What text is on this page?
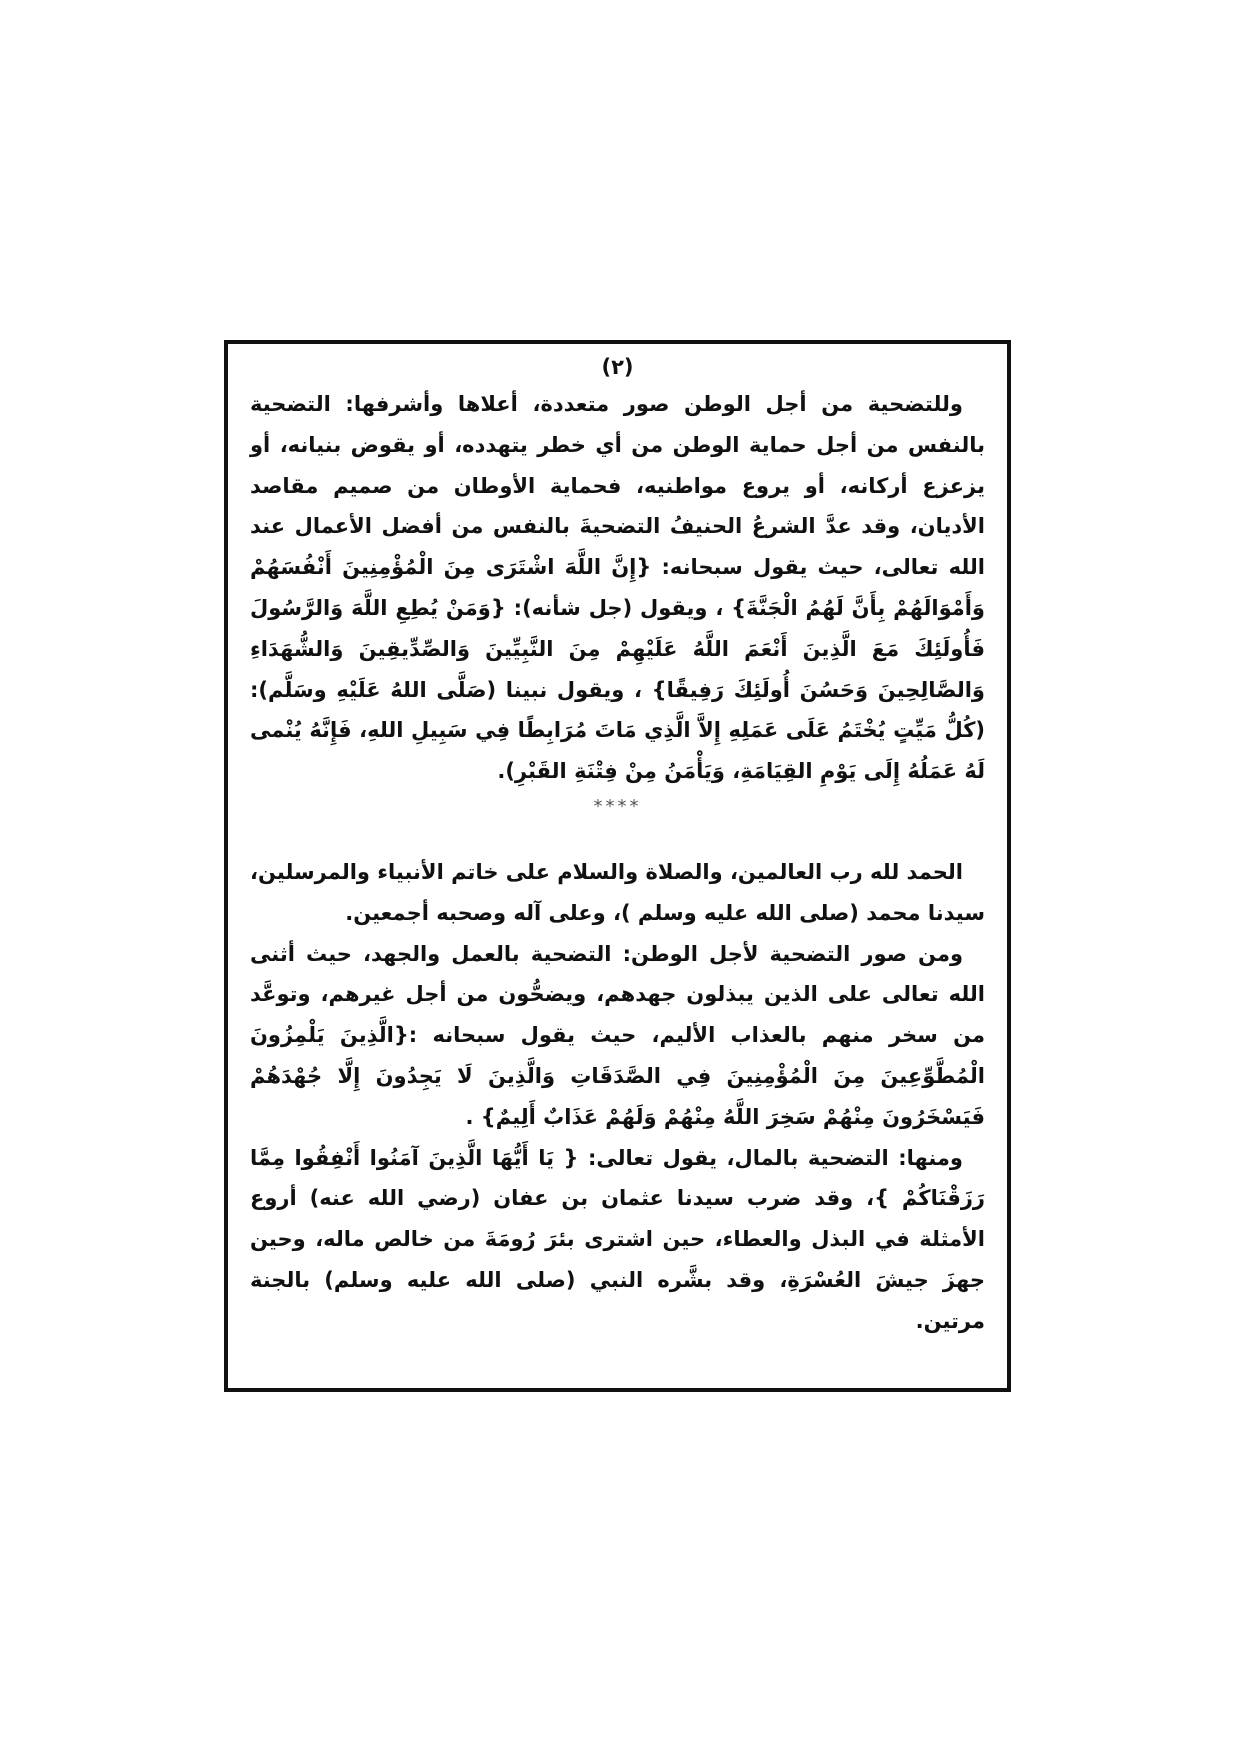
(٢)

وللتضحية من أجل الوطن صور متعددة، أعلاها وأشرفها: التضحية بالنفس من أجل حماية الوطن من أي خطر يتهدده، أو يقوض بنيانه، أو يزعزع أركانه، أو يروع مواطنيه، فحماية الأوطان من صميم مقاصد الأديان، وقد عدَّ الشرعُ الحنيفُ التضحيةَ بالنفس من أفضل الأعمال عند الله تعالى، حيث يقول سبحانه: {إِنَّ اللَّهَ اشْتَرَى مِنَ الْمُؤْمِنِينَ أَنْفُسَهُمْ وَأَمْوَالَهُمْ بِأَنَّ لَهُمُ الْجَنَّةَ} ، ويقول (جل شأنه): {وَمَنْ يُطِعِ اللَّهَ وَالرَّسُولَ فَأُولَئِكَ مَعَ الَّذِينَ أَنْعَمَ اللَّهُ عَلَيْهِمْ مِنَ النَّبِيِّينَ وَالصِّدِّيقِينَ وَالشُّهَدَاءِ وَالصَّالِحِينَ وَحَسُنَ أُولَئِكَ رَفِيقًا} ، ويقول نبينا (صَلَّى اللهُ عَلَيْهِ وسَلَّم): (كُلُّ مَيِّتٍ يُخْتَمُ عَلَى عَمَلِهِ إِلاَّ الَّذِي مَاتَ مُرَابِطًا فِي سَبِيلِ اللهِ، فَإِنَّهُ يُنْمى لَهُ عَمَلُهُ إِلَى يَوْمِ القِيَامَةِ، وَيَأْمَنُ مِنْ فِتْنَةِ القَبْرِ).

****

الحمد لله رب العالمين، والصلاة والسلام على خاتم الأنبياء والمرسلين، سيدنا محمد (صلى الله عليه وسلم )، وعلى آله وصحبه أجمعين.

ومن صور التضحية لأجل الوطن: التضحية بالعمل والجهد، حيث أثنى الله تعالى على الذين يبذلون جهدهم، ويضحُّون من أجل غيرهم، وتوعَّد من سخر منهم بالعذاب الأليم، حيث يقول سبحانه :{الَّذِينَ يَلْمِزُونَ الْمُطَّوِّعِينَ مِنَ الْمُؤْمِنِينَ فِي الصَّدَقَاتِ وَالَّذِينَ لَا يَجِدُونَ إِلَّا جُهْدَهُمْ فَيَسْخَرُونَ مِنْهُمْ سَخِرَ اللَّهُ مِنْهُمْ وَلَهُمْ عَذَابٌ أَلِيمٌ} .

ومنها: التضحية بالمال، يقول تعالى: { يَا أَيُّهَا الَّذِينَ آمَنُوا أَنْفِقُوا مِمَّا رَزَقْنَاكُمْ }، وقد ضرب سيدنا عثمان بن عفان (رضي الله عنه) أروع الأمثلة في البذل والعطاء، حين اشترى بئرَ رُومَةَ من خالص ماله، وحين جهزَ جيشَ العُسْرَةِ، وقد بشَّره النبي (صلى الله عليه وسلم) بالجنة مرتين.
